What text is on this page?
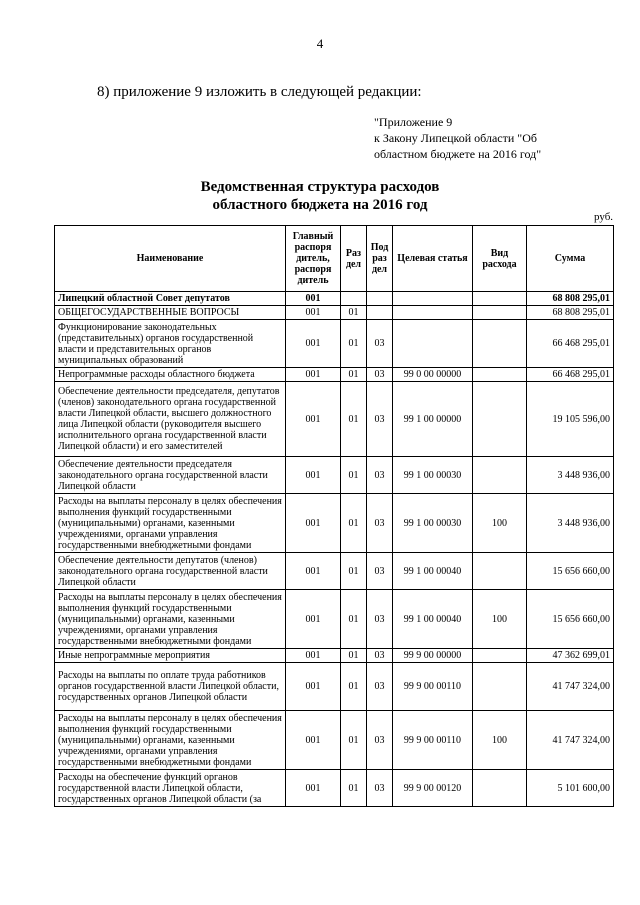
4
8) приложение 9 изложить в следующей редакции:
"Приложение 9
к Закону Липецкой области "Об
областном бюджете на 2016 год"
Ведомственная структура расходов
областного бюджета на 2016 год
руб.
Наименование	Главный
распоря
дитель,
распоря
дитель	Раз
дел	Под
раз
дел	Целевая статья	Вид
расхода	Сумма
Липецкий областной Совет депутатов	001					68 808 295,01
ОБЩЕГОСУДАРСТВЕННЫЕ ВОПРОСЫ	001	01				68 808 295,01
Функционирование законодательных (представительных) органов государственной власти и представительных органов муниципальных образований	001	01	03			66 468 295,01
Непрограммные расходы областного бюджета	001	01	03	99 0 00 00000		66 468 295,01
Обеспечение деятельности председателя, депутатов (членов) законодательного органа государственной власти Липецкой области, высшего должностного лица Липецкой области (руководителя высшего исполнительного органа государственной власти Липецкой области) и его заместителей	001	01	03	99 1 00 00000		19 105 596,00
Обеспечение деятельности председателя законодательного органа государственной власти Липецкой области	001	01	03	99 1 00 00030		3 448 936,00
Расходы на выплаты персоналу в целях обеспечения выполнения функций государственными (муниципальными) органами, казенными учреждениями, органами управления государственными внебюджетными фондами	001	01	03	99 1 00 00030	100	3 448 936,00
Обеспечение деятельности депутатов (членов) законодательного органа государственной власти Липецкой области	001	01	03	99 1 00 00040		15 656 660,00
Расходы на выплаты персоналу в целях обеспечения выполнения функций государственными (муниципальными) органами, казенными учреждениями, органами управления государственными внебюджетными фондами	001	01	03	99 1 00 00040	100	15 656 660,00
Иные непрограммные мероприятия	001	01	03	99 9 00 00000		47 362 699,01
Расходы на выплаты по оплате труда работников органов государственной власти Липецкой области, государственных органов Липецкой области	001	01	03	99 9 00 00110		41 747 324,00
Расходы на выплаты персоналу в целях обеспечения выполнения функций государственными (муниципальными) органами, казенными учреждениями, органами управления государственными внебюджетными фондами	001	01	03	99 9 00 00110	100	41 747 324,00
Расходы на обеспечение функций органов государственной власти Липецкой области, государственных органов Липецкой области (за	001	01	03	99 9 00 00120		5 101 600,00
